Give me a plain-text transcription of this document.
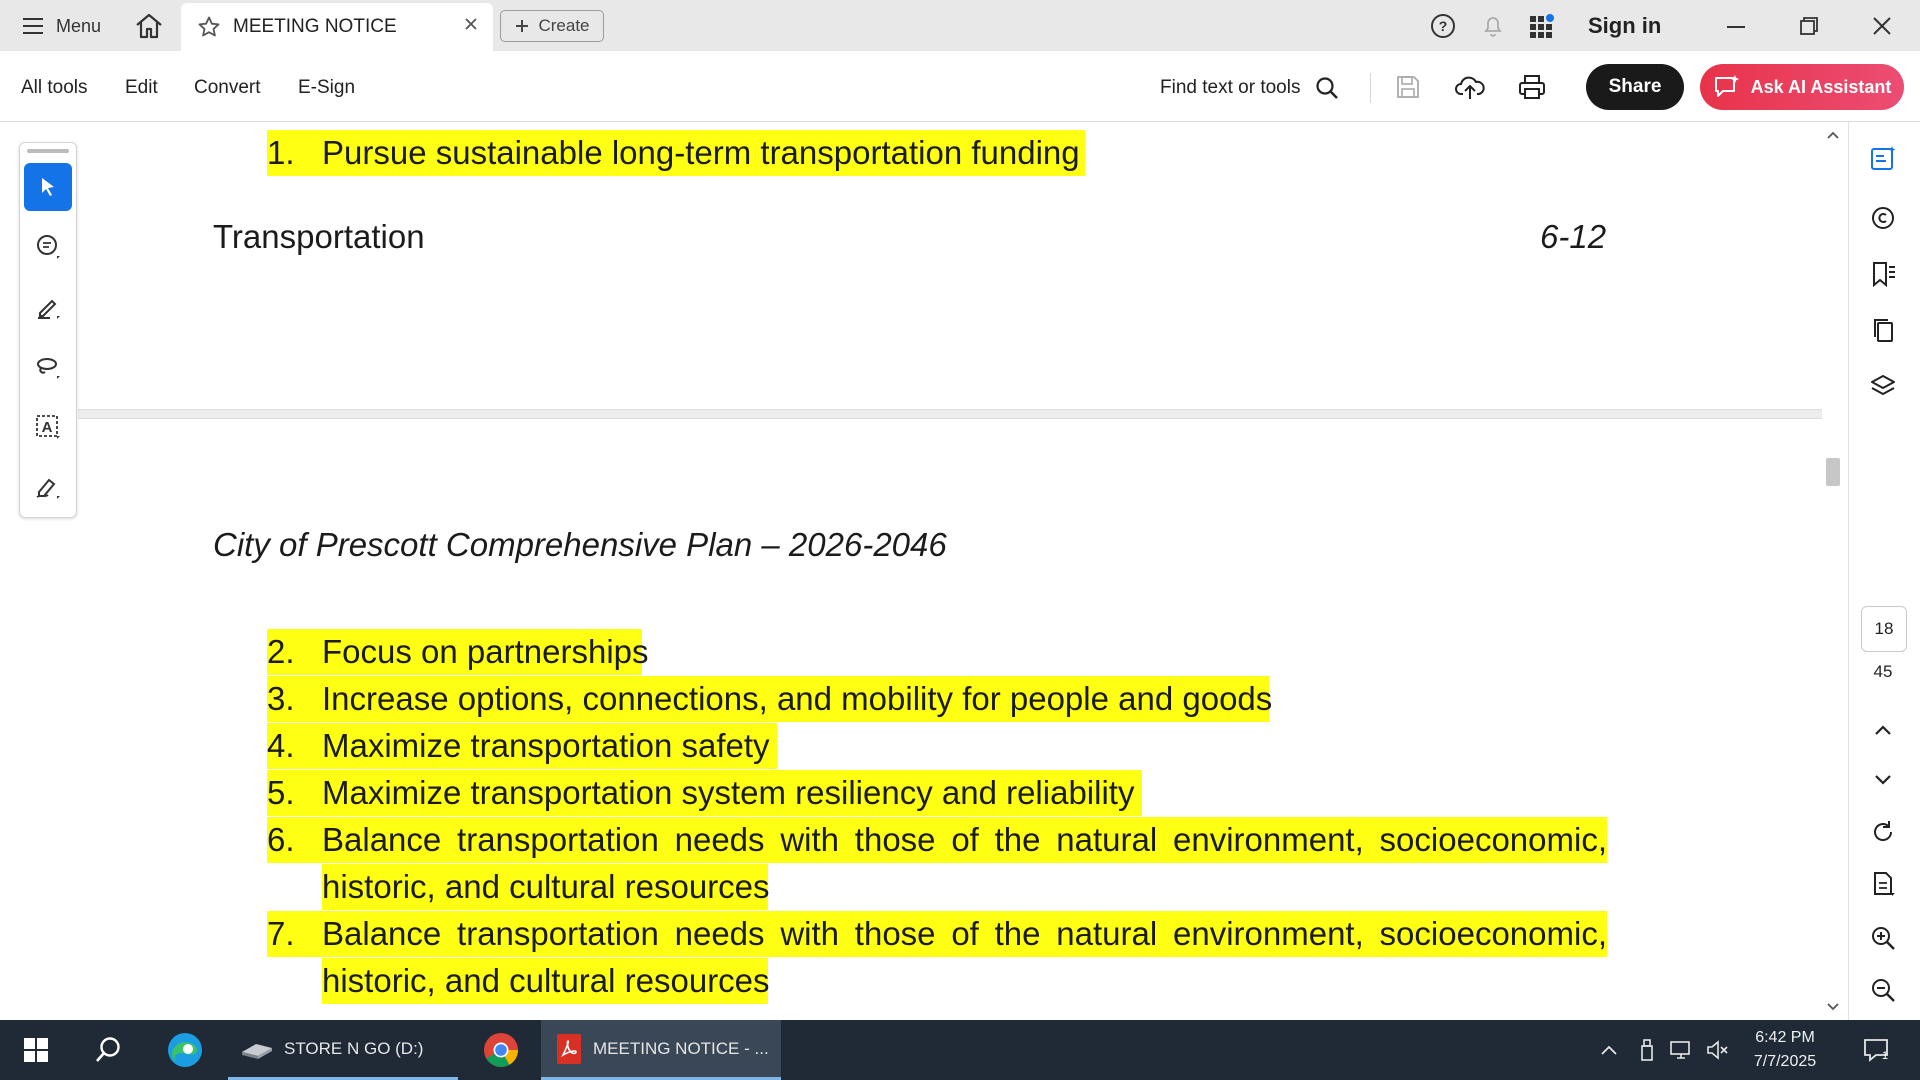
Menu	MEETING NOTICE	Create	?	Sign in
All tools Edit Convert E-Sign	Find text or tools	Share	Ask AI Assistant
1. Pursue sustainable long-term transportation funding
Transportation	6-12
City of Prescott Comprehensive Plan – 2026-2046
2. Focus on partnerships
3. Increase options, connections, and mobility for people and goods
4. Maximize transportation safety
5. Maximize transportation system resiliency and reliability
6. Balance transportation needs with those of the natural environment, socioeconomic,
historic, and cultural resources
7. Balance transportation needs with those of the natural environment, socioeconomic,
historic, and cultural resources
A
18
45
STORE N GO (D:)	MEETING NOTICE - ...
6:42 PM
7/7/2025	1
